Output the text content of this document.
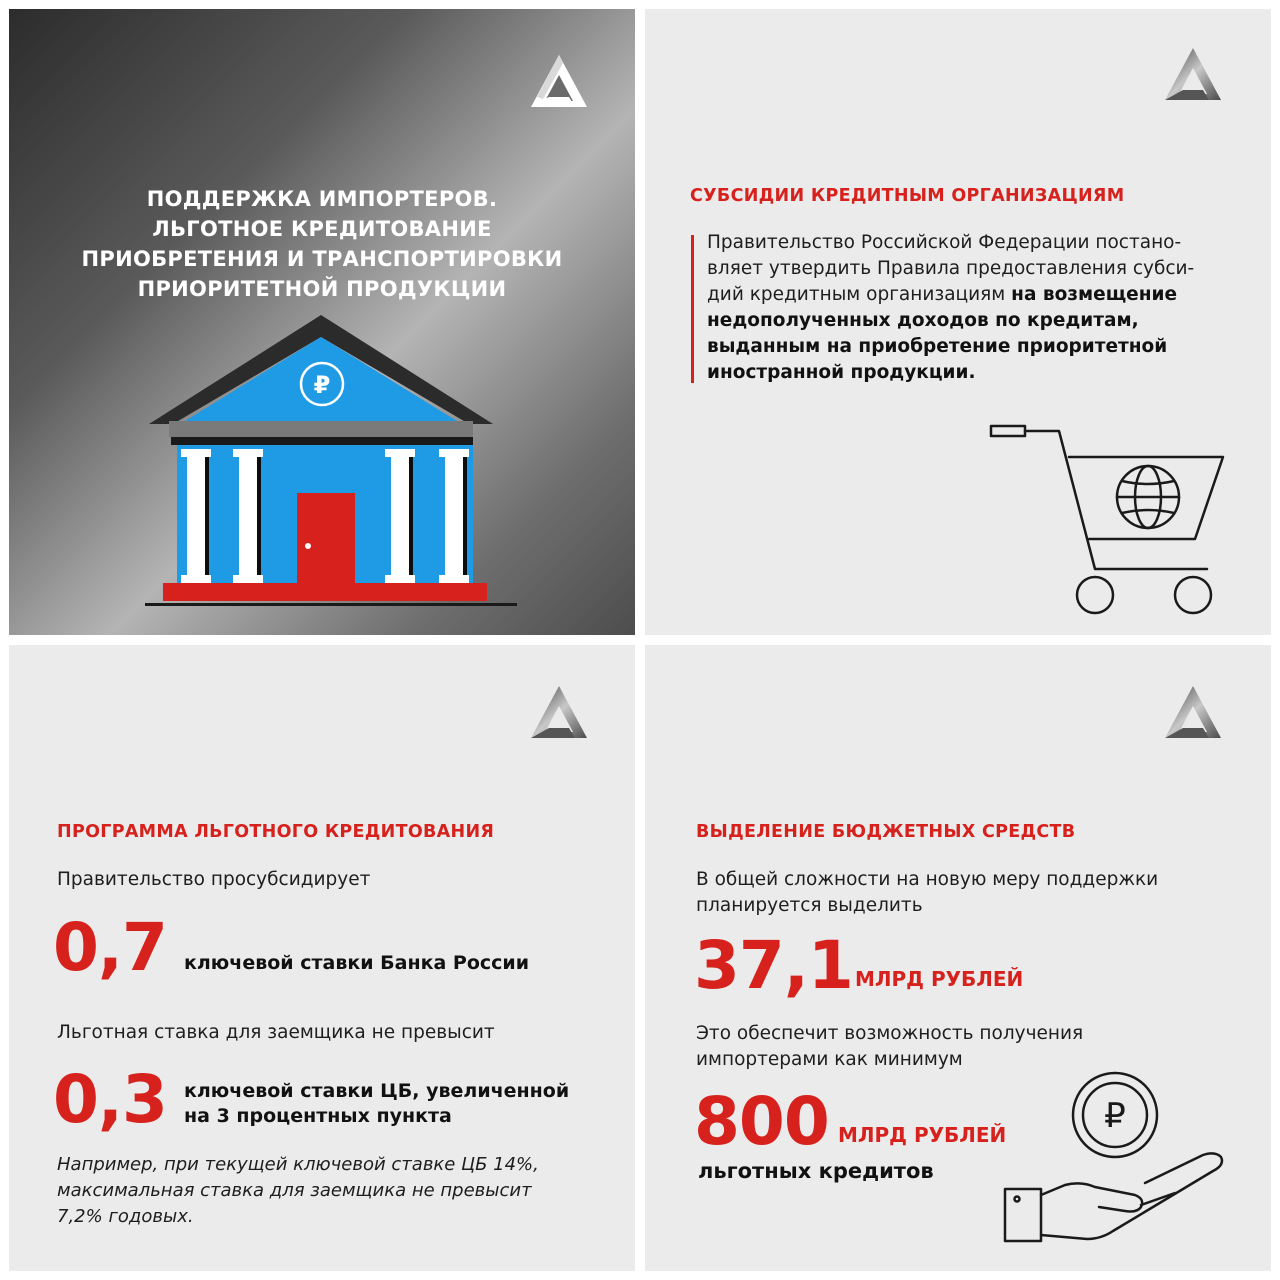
ПОДДЕРЖКА ИМПОРТЕРОВ.
ЛЬГОТНОЕ КРЕДИТОВАНИЕ
ПРИОБРЕТЕНИЯ И ТРАНСПОРТИРОВКИ
ПРИОРИТЕТНОЙ ПРОДУКЦИИ
₽
СУБСИДИИ КРЕДИТНЫМ ОРГАНИЗАЦИЯМ
Правительство Российской Федерации постано-
вляет утвердить Правила предоставления субси-
дий кредитным организациям на возмещение
недополученных доходов по кредитам,
выданным на приобретение приоритетной
иностранной продукции.
ПРОГРАММА ЛЬГОТНОГО КРЕДИТОВАНИЯ
Правительство просубсидирует
0,7 ключевой ставки Банка России
Льготная ставка для заемщика не превысит
0,3 ключевой ставки ЦБ, увеличенной
на 3 процентных пункта
Например, при текущей ключевой ставке ЦБ 14%,
максимальная ставка для заемщика не превысит
7,2% годовых.
ВЫДЕЛЕНИЕ БЮДЖЕТНЫХ СРЕДСТВ
В общей сложности на новую меру поддержки
планируется выделить
37,1 МЛРД РУБЛЕЙ
Это обеспечит возможность получения
импортерами как минимум
800 МЛРД РУБЛЕЙ
льготных кредитов
₽
